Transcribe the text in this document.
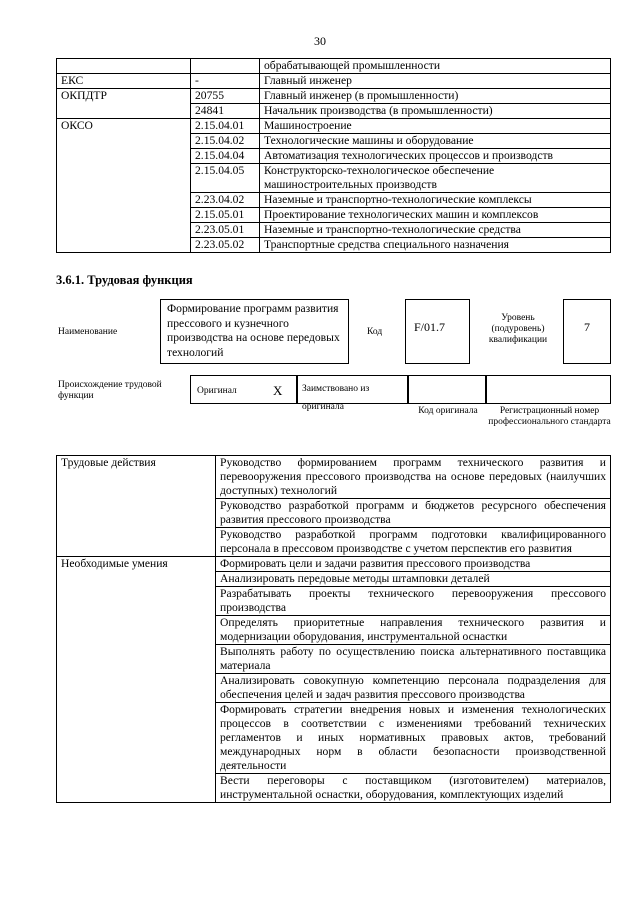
30
		обрабатывающей промышленности
ЕКС	-	Главный инженер
ОКПДТР	20755	Главный инженер (в промышленности)
	24841	Начальник производства (в промышленности)
ОКСО	2.15.04.01	Машиностроение
	2.15.04.02	Технологические машины и оборудование
	2.15.04.04	Автоматизация технологических процессов и производств
	2.15.04.05	Конструкторско-технологическое обеспечение машиностроительных производств
	2.23.04.02	Наземные и транспортно-технологические комплексы
	2.15.05.01	Проектирование технологических машин и комплексов
	2.23.05.01	Наземные и транспортно-технологические средства
	2.23.05.02	Транспортные средства специального назначения
3.6.1. Трудовая функция
Наименование
Формирование программ развития прессового и кузнечного производства на основе передовых технологий
Код	F/01.7
Уровень (подуровень) квалификации
7
Происхождение трудовой функции	Оригинал	X	Заимствовано из оригинала	Код оригинала	Регистрационный номер профессионального стандарта
Трудовые действия	Руководство формированием программ технического развития и перевооружения прессового производства на основе передовых (наилучших доступных) технологий
	Руководство разработкой программ и бюджетов ресурсного обеспечения развития прессового производства
	Руководство разработкой программ подготовки квалифицированного персонала в прессовом производстве с учетом перспектив его развития
Необходимые умения	Формировать цели и задачи развития прессового производства
	Анализировать передовые методы штамповки деталей
	Разрабатывать проекты технического перевооружения прессового производства
	Определять приоритетные направления технического развития и модернизации оборудования, инструментальной оснастки
	Выполнять работу по осуществлению поиска альтернативного поставщика материала
	Анализировать совокупную компетенцию персонала подразделения для обеспечения целей и задач развития прессового производства
	Формировать стратегии внедрения новых и изменения технологических процессов в соответствии с изменениями требований технических регламентов и иных нормативных правовых актов, требований международных норм в области безопасности производственной деятельности
	Вести переговоры с поставщиком (изготовителем) материалов, инструментальной оснастки, оборудования, комплектующих изделий
